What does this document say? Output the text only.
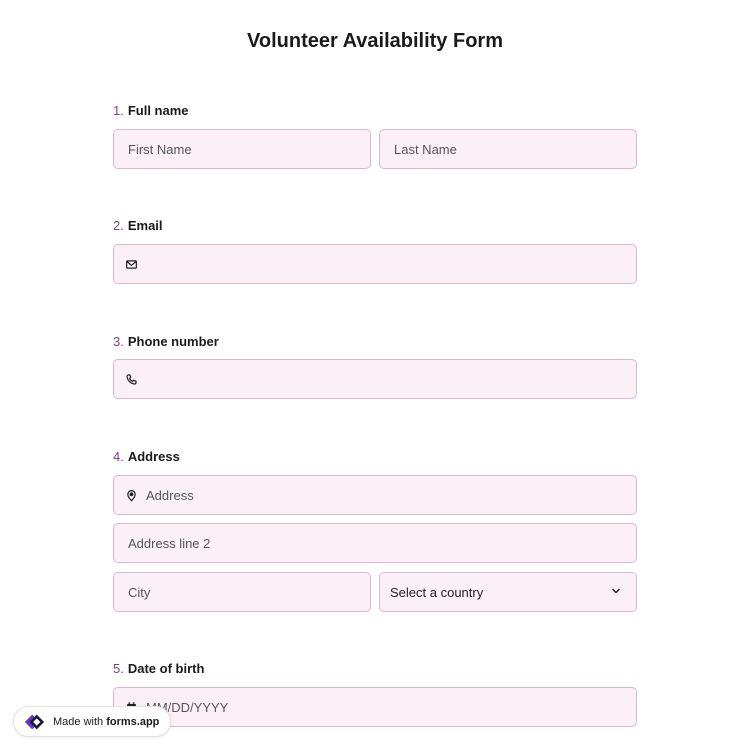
Volunteer Availability Form
1. Full name
First Name
Last Name
2. Email
3. Phone number
4. Address
Address
Address line 2
City
Select a country
5. Date of birth
MM/DD/YYYY
Made with forms.app
